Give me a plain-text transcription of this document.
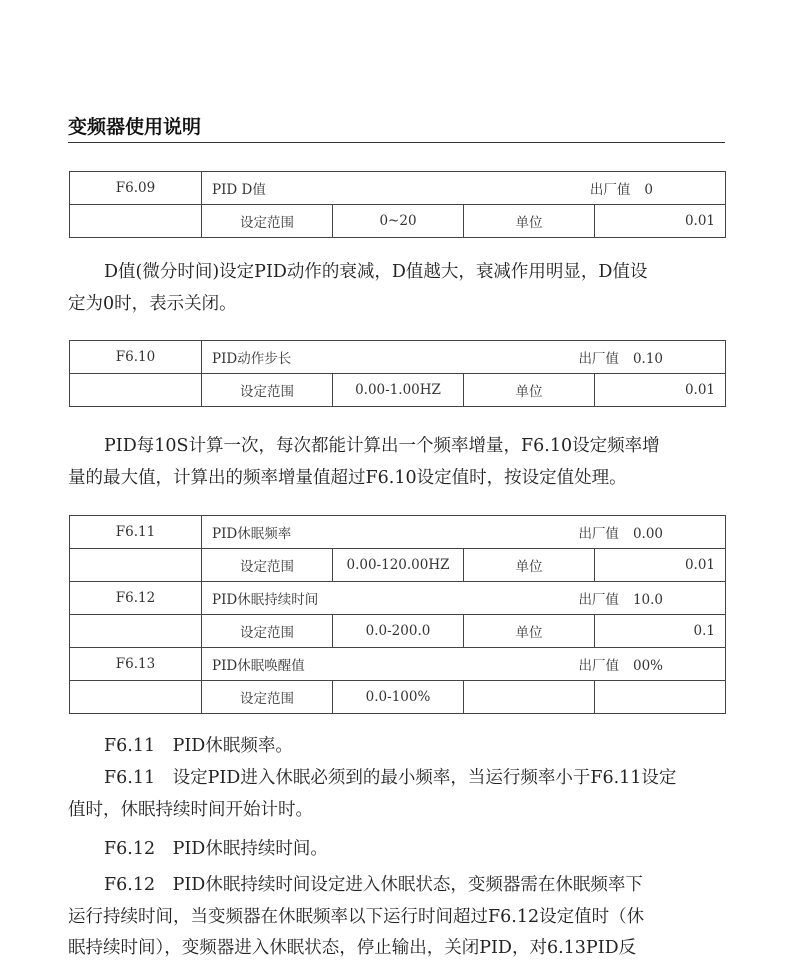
变频器使用说明
F6.09	PID D值 出厂值 0			

	设定范围	0~20	单位	0.01

D值(微分时间)设定PID动作的衰减，D值越大，衰减作用明显，D值设

定为0时，表示关闭。

F6.10	PID动作步长 出厂值 0.10			

	设定范围	0.00-1.00HZ	单位	0.01

PID每10S计算一次，每次都能计算出一个频率增量，F6.10设定频率增

量的最大值，计算出的频率增量值超过F6.10设定值时，按设定值处理。

F6.11	PID休眠频率 出厂值 0.00			

	设定范围	0.00-120.00HZ	单位	0.01
F6.12	PID休眠持续时间 出厂值 10.0			

	设定范围	0.0-200.0	单位	0.1
F6.13	PID休眠唤醒值 出厂值 00%			

	设定范围	0.0-100%		

F6.11　PID休眠频率。

F6.11　设定PID进入休眠必须到的最小频率，当运行频率小于F6.11设定

值时，休眠持续时间开始计时。

F6.12　PID休眠持续时间。

F6.12　PID休眠持续时间设定进入休眠状态，变频器需在休眠频率下

运行持续时间，当变频器在休眠频率以下运行时间超过F6.12设定值时（休

眠持续时间），变频器进入休眠状态，停止输出，关闭PID，对6.13PID反
